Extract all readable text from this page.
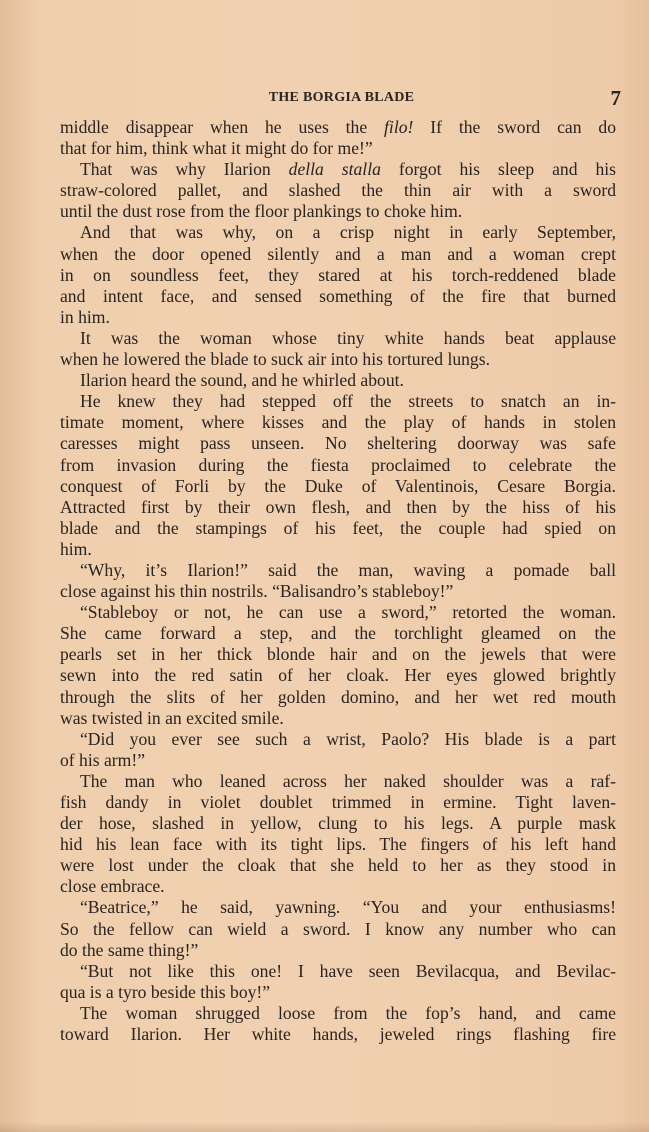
THE BORGIA BLADE	7
middle disappear when he uses the filo! If the sword can do
that for him, think what it might do for me!”
That was why Ilarion della stalla forgot his sleep and his
straw-colored pallet, and slashed the thin air with a sword
until the dust rose from the floor plankings to choke him.
And that was why, on a crisp night in early September,
when the door opened silently and a man and a woman crept
in on soundless feet, they stared at his torch-reddened blade
and intent face, and sensed something of the fire that burned
in him.
It was the woman whose tiny white hands beat applause
when he lowered the blade to suck air into his tortured lungs.
Ilarion heard the sound, and he whirled about.
He knew they had stepped off the streets to snatch an in-
timate moment, where kisses and the play of hands in stolen
caresses might pass unseen. No sheltering doorway was safe
from invasion during the fiesta proclaimed to celebrate the
conquest of Forli by the Duke of Valentinois, Cesare Borgia.
Attracted first by their own flesh, and then by the hiss of his
blade and the stampings of his feet, the couple had spied on
him.
“Why, it’s Ilarion!” said the man, waving a pomade ball
close against his thin nostrils. “Balisandro’s stableboy!”
“Stableboy or not, he can use a sword,” retorted the woman.
She came forward a step, and the torchlight gleamed on the
pearls set in her thick blonde hair and on the jewels that were
sewn into the red satin of her cloak. Her eyes glowed brightly
through the slits of her golden domino, and her wet red mouth
was twisted in an excited smile.
“Did you ever see such a wrist, Paolo? His blade is a part
of his arm!”
The man who leaned across her naked shoulder was a raf-
fish dandy in violet doublet trimmed in ermine. Tight laven-
der hose, slashed in yellow, clung to his legs. A purple mask
hid his lean face with its tight lips. The fingers of his left hand
were lost under the cloak that she held to her as they stood in
close embrace.
“Beatrice,” he said, yawning. “You and your enthusiasms!
So the fellow can wield a sword. I know any number who can
do the same thing!”
“But not like this one! I have seen Bevilacqua, and Bevilac-
qua is a tyro beside this boy!”
The woman shrugged loose from the fop’s hand, and came
toward Ilarion. Her white hands, jeweled rings flashing fire
